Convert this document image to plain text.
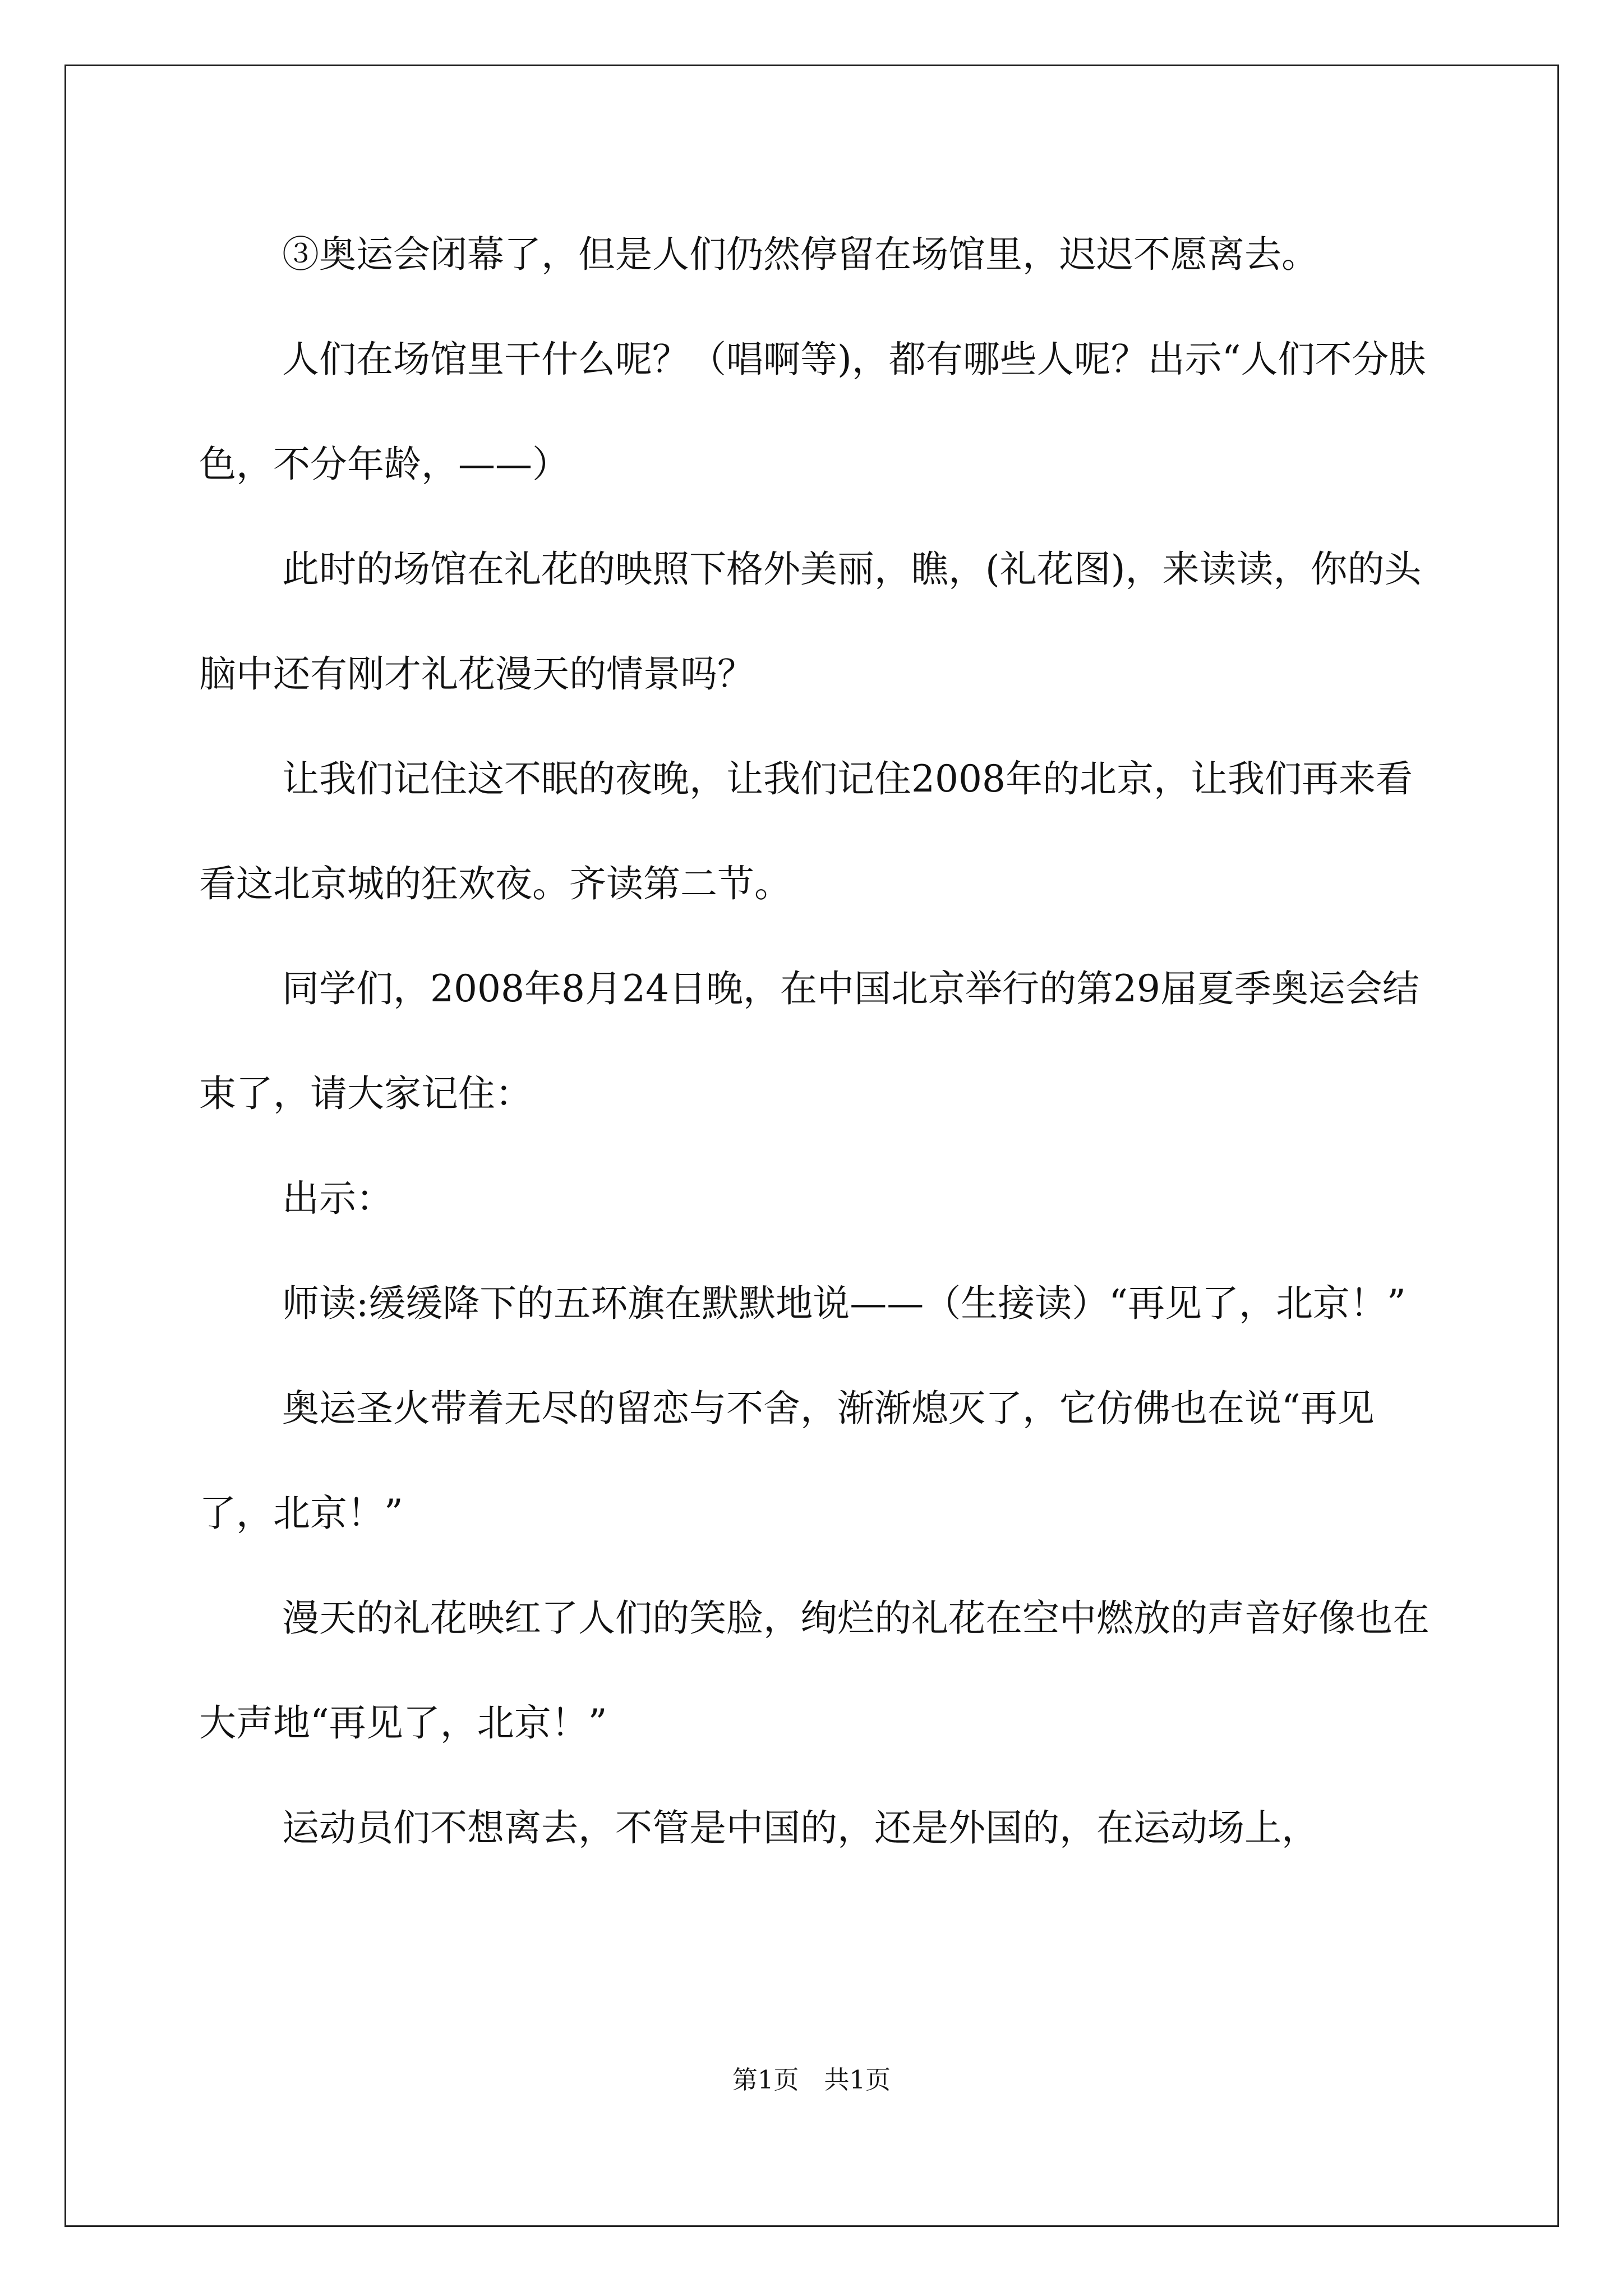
③奥运会闭幕了，但是人们仍然停留在场馆里，迟迟不愿离去。

人们在场馆里干什么呢？（唱啊等)，都有哪些人呢？出示“人们不分肤色，不分年龄，——）

此时的场馆在礼花的映照下格外美丽，瞧，(礼花图)，来读读，你的头脑中还有刚才礼花漫天的情景吗？

让我们记住这不眠的夜晚，让我们记住2008年的北京，让我们再来看看这北京城的狂欢夜。齐读第二节。

同学们，2008年8月24日晚，在中国北京举行的第29届夏季奥运会结束了，请大家记住：

出示：

师读:缓缓降下的五环旗在默默地说——（生接读）“再见了，北京！”

奥运圣火带着无尽的留恋与不舍，渐渐熄灭了，它仿佛也在说“再见了，北京！”

漫天的礼花映红了人们的笑脸，绚烂的礼花在空中燃放的声音好像也在大声地“再见了，北京！”

运动员们不想离去，不管是中国的，还是外国的，在运动场上，

第1页　共1页
